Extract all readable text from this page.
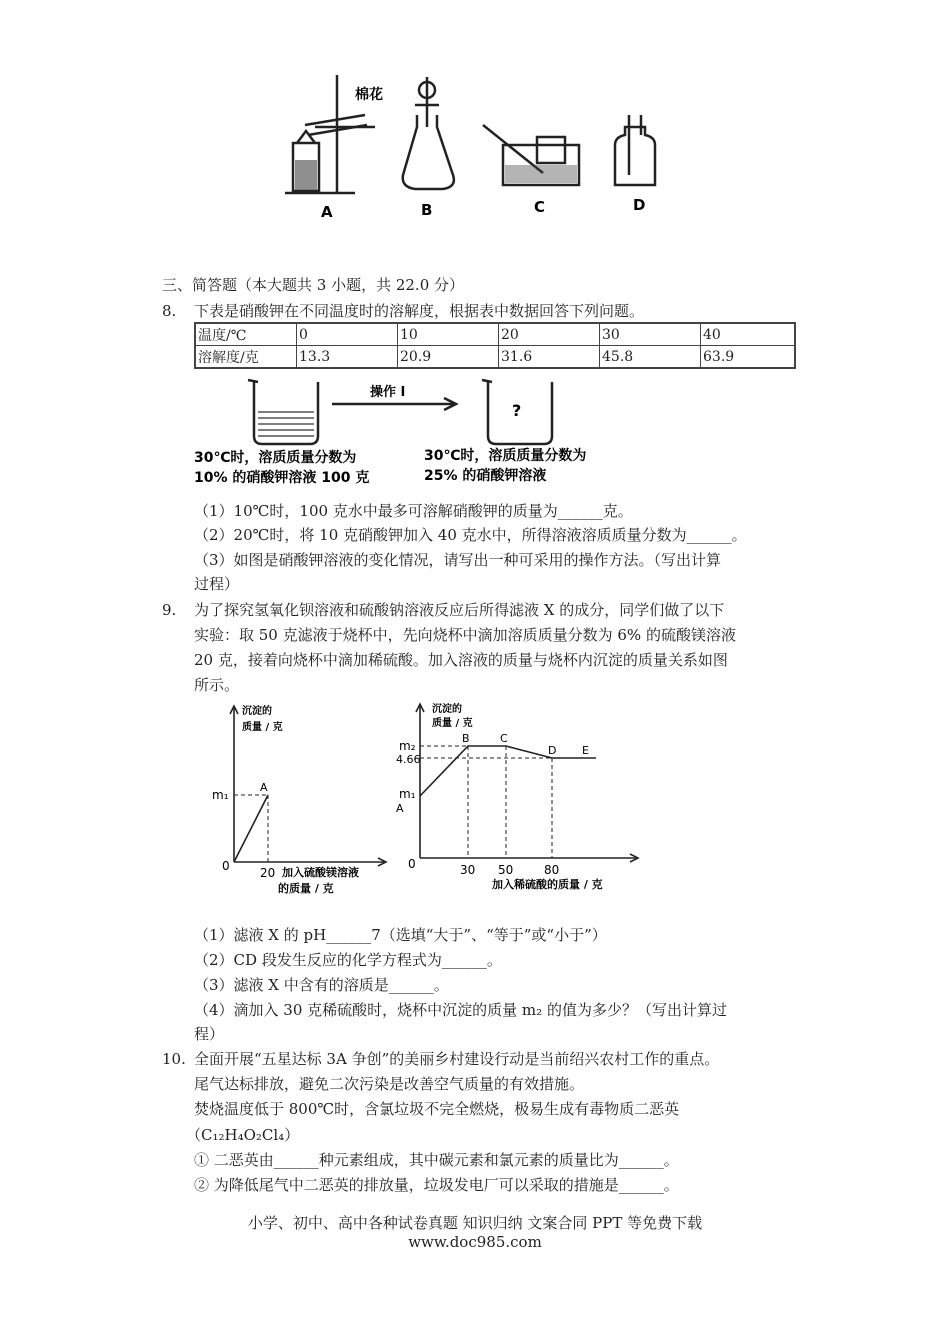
棉花
A	B	C	D
三、简答题（本大题共 3 小题，共 22.0 分）
8. 下表是硝酸钾在不同温度时的溶解度，根据表中数据回答下列问题。
温度/℃	0	10	20	30	40
溶解度/克	13.3	20.9	31.6	45.8	63.9
操作 I
?
30℃时，溶质质量分数为
10% 的硝酸钾溶液 100 克
30℃时，溶质质量分数为
25% 的硝酸钾溶液
（1）10℃时，100 克水中最多可溶解硝酸钾的质量为______克。
（2）20℃时，将 10 克硝酸钾加入 40 克水中，所得溶液溶质质量分数为______。
（3）如图是硝酸钾溶液的变化情况，请写出一种可采用的操作方法。（写出计算
过程）
9. 为了探究氢氧化钡溶液和硫酸钠溶液反应后所得滤液 X 的成分，同学们做了以下
实验：取 50 克滤液于烧杯中，先向烧杯中滴加溶质质量分数为 6% 的硫酸镁溶液
20 克，接着向烧杯中滴加稀硫酸。加入溶液的质量与烧杯内沉淀的质量关系如图
所示。
沉淀的
质量 / 克
m₁
0	20
A
加入硫酸镁溶液
的质量 / 克
沉淀的
质量 / 克
m₂
4.66
m₁
A
B	C
D E
0	30 50	80
加入稀硫酸的质量 / 克
（1）滤液 X 的 pH______7（选填“大于”、“等于”或“小于”）
（2）CD 段发生反应的化学方程式为______。
（3）滤液 X 中含有的溶质是______。
（4）滴加入 30 克稀硫酸时，烧杯中沉淀的质量 m₂ 的值为多少？（写出计算过
程）
10. 全面开展“五星达标 3A 争创”的美丽乡村建设行动是当前绍兴农村工作的重点。
尾气达标排放，避免二次污染是改善空气质量的有效措施。
焚烧温度低于 800℃时，含氯垃圾不完全燃烧，极易生成有毒物质二恶英
（C₁₂H₄O₂Cl₄）
① 二恶英由______种元素组成，其中碳元素和氯元素的质量比为______。
② 为降低尾气中二恶英的排放量，垃圾发电厂可以采取的措施是______。
小学、初中、高中各种试卷真题 知识归纳 文案合同 PPT 等免费下载
www.doc985.com
